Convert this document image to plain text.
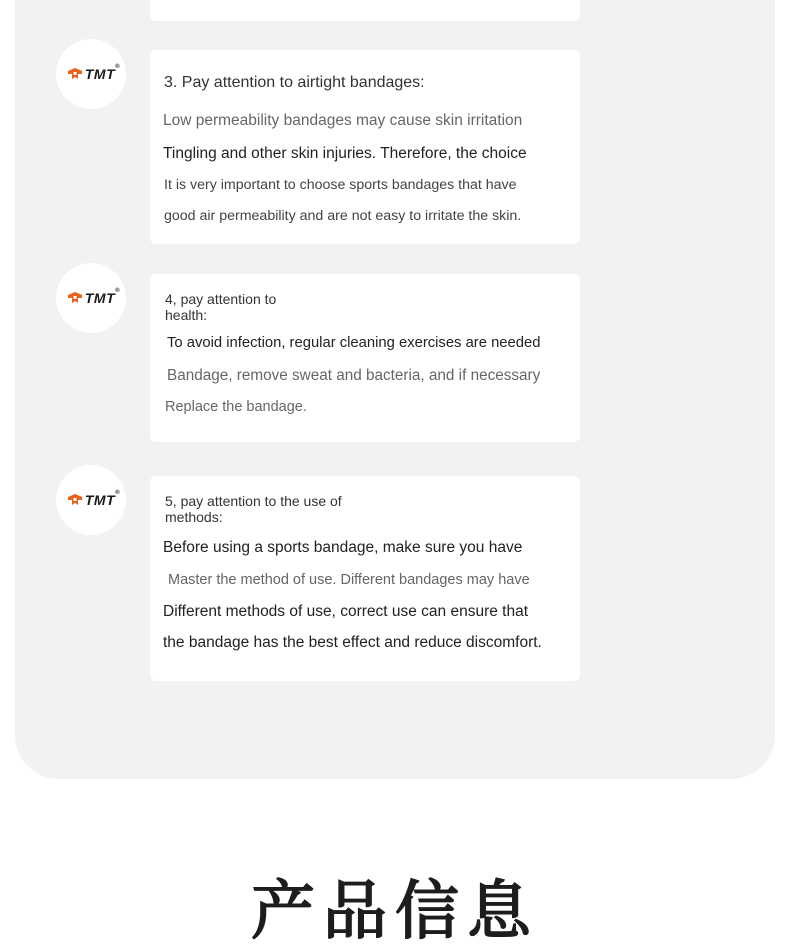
TMT ®
3. Pay attention to airtight bandages:
Low permeability bandages may cause skin irritation
Tingling and other skin injuries. Therefore, the choice
It is very important to choose sports bandages that have
good air permeability and are not easy to irritate the skin.
TMT ®	4, pay attention to
health:
To avoid infection, regular cleaning exercises are needed
Bandage, remove sweat and bacteria, and if necessary
Replace the bandage.
TMT ®	5, pay attention to the use of
methods:
Before using a sports bandage, make sure you have
Master the method of use. Different bandages may have
Different methods of use, correct use can ensure that
the bandage has the best effect and reduce discomfort.
产品信息
